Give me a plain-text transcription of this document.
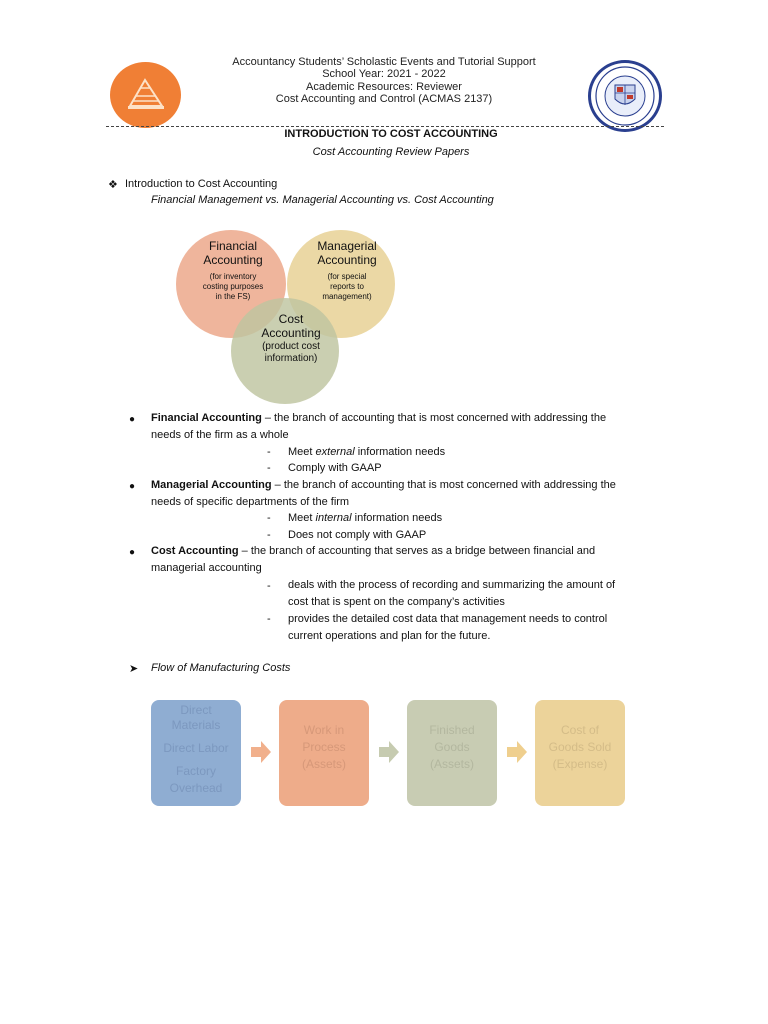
Accountancy Students’ Scholastic Events and Tutorial Support
School Year: 2021 - 2022
Academic Resources: Reviewer
Cost Accounting and Control (ACMAS 2137)
INTRODUCTION TO COST ACCOUNTING
Cost Accounting Review Papers
❖ Introduction to Cost Accounting
Financial Management vs. Managerial Accounting vs. Cost Accounting
Financial
Accounting
(for inventory
costing purposes
in the FS)
Managerial
Accounting
(for special
reports to
management)
Cost
Accounting
(product cost
information)
● Financial Accounting – the branch of accounting that is most concerned with addressing the
needs of the firm as a whole
- Meet external information needs
- Comply with GAAP
● Managerial Accounting – the branch of accounting that is most concerned with addressing the
needs of specific departments of the firm
- Meet internal information needs
- Does not comply with GAAP
● Cost Accounting – the branch of accounting that serves as a bridge between financial and
managerial accounting
- deals with the process of recording and summarizing the amount of
cost that is spent on the company’s activities
- provides the detailed cost data that management needs to control
current operations and plan for the future.
➤ Flow of Manufacturing Costs
Direct
Materials
Direct Labor
Factory
Overhead
Work in
Process
(Assets)
Finished
Goods
(Assets)
Cost of
Goods Sold
(Expense)
